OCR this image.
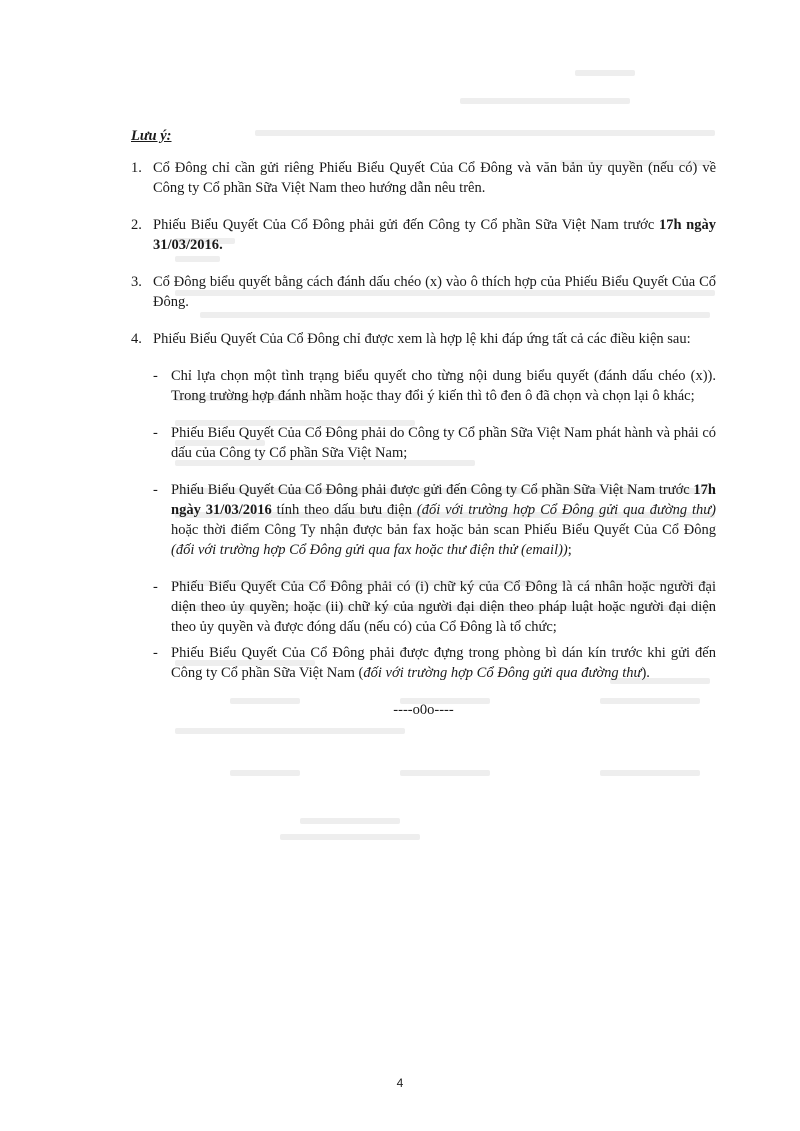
Lưu ý:
1. Cổ Đông chỉ cần gửi riêng Phiếu Biểu Quyết Của Cổ Đông và văn bản ủy quyền (nếu có) về Công ty Cổ phần Sữa Việt Nam theo hướng dẫn nêu trên.
2. Phiếu Biểu Quyết Của Cổ Đông phải gửi đến Công ty Cổ phần Sữa Việt Nam trước 17h ngày 31/03/2016.
3. Cổ Đông biểu quyết bằng cách đánh dấu chéo (x) vào ô thích hợp của Phiếu Biểu Quyết Của Cổ Đông.
4. Phiếu Biểu Quyết Của Cổ Đông chỉ được xem là hợp lệ khi đáp ứng tất cả các điều kiện sau:
- Chỉ lựa chọn một tình trạng biểu quyết cho từng nội dung biểu quyết (đánh dấu chéo (x)). Trong trường hợp đánh nhầm hoặc thay đổi ý kiến thì tô đen ô đã chọn và chọn lại ô khác;
- Phiếu Biểu Quyết Của Cổ Đông phải do Công ty Cổ phần Sữa Việt Nam phát hành và phải có dấu của Công ty Cổ phần Sữa Việt Nam;
- Phiếu Biểu Quyết Của Cổ Đông phải được gửi đến Công ty Cổ phần Sữa Việt Nam trước 17h ngày 31/03/2016 tính theo dấu bưu điện (đối với trường hợp Cổ Đông gửi qua đường thư) hoặc thời điểm Công Ty nhận được bản fax hoặc bản scan Phiếu Biểu Quyết Của Cổ Đông (đối với trường hợp Cổ Đông gửi qua fax hoặc thư điện thử (email));
- Phiếu Biểu Quyết Của Cổ Đông phải có (i) chữ ký của Cổ Đông là cá nhân hoặc người đại diện theo ủy quyền; hoặc (ii) chữ ký của người đại diện theo pháp luật hoặc người đại diện theo ủy quyền và được đóng dấu (nếu có) của Cổ Đông là tổ chức;
- Phiếu Biểu Quyết Của Cổ Đông phải được đựng trong phòng bì dán kín trước khi gửi đến Công ty Cổ phần Sữa Việt Nam (đối với trường hợp Cổ Đông gửi qua đường thư).
----o0o----
4
